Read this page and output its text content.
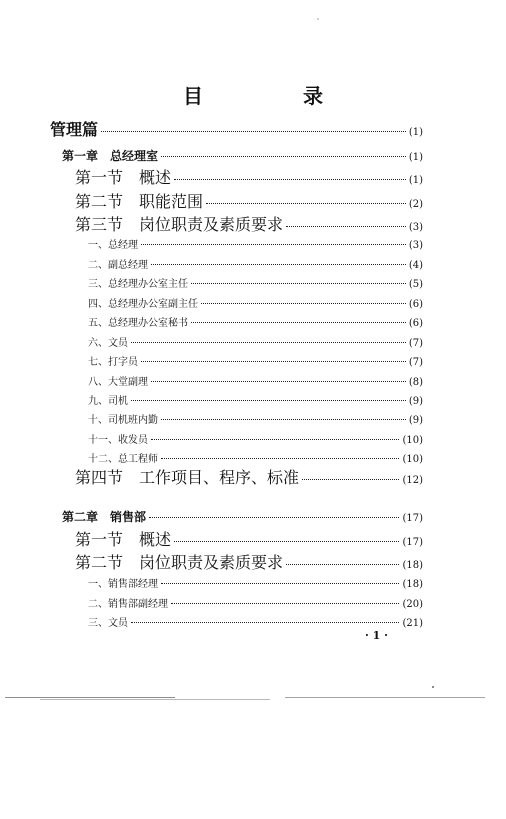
目　录
管理篇	(1)
第一章　总经理室	(1)
第一节　概述	(1)
第二节　职能范围	(2)
第三节　岗位职责及素质要求	(3)
一、总经理	(3)
二、副总经理	(4)
三、总经理办公室主任	(5)
四、总经理办公室副主任	(6)
五、总经理办公室秘书	(6)
六、文员	(7)
七、打字员	(7)
八、大堂副理	(8)
九、司机	(9)
十、司机班内勤	(9)
十一、收发员	(10)
十二、总工程师	(10)
第四节　工作项目、程序、标准	(12)
第二章　销售部	(17)
第一节　概述	(17)
第二节　岗位职责及素质要求	(18)
一、销售部经理	(18)
二、销售部副经理	(20)
三、文员	(21)
· 1 ·
